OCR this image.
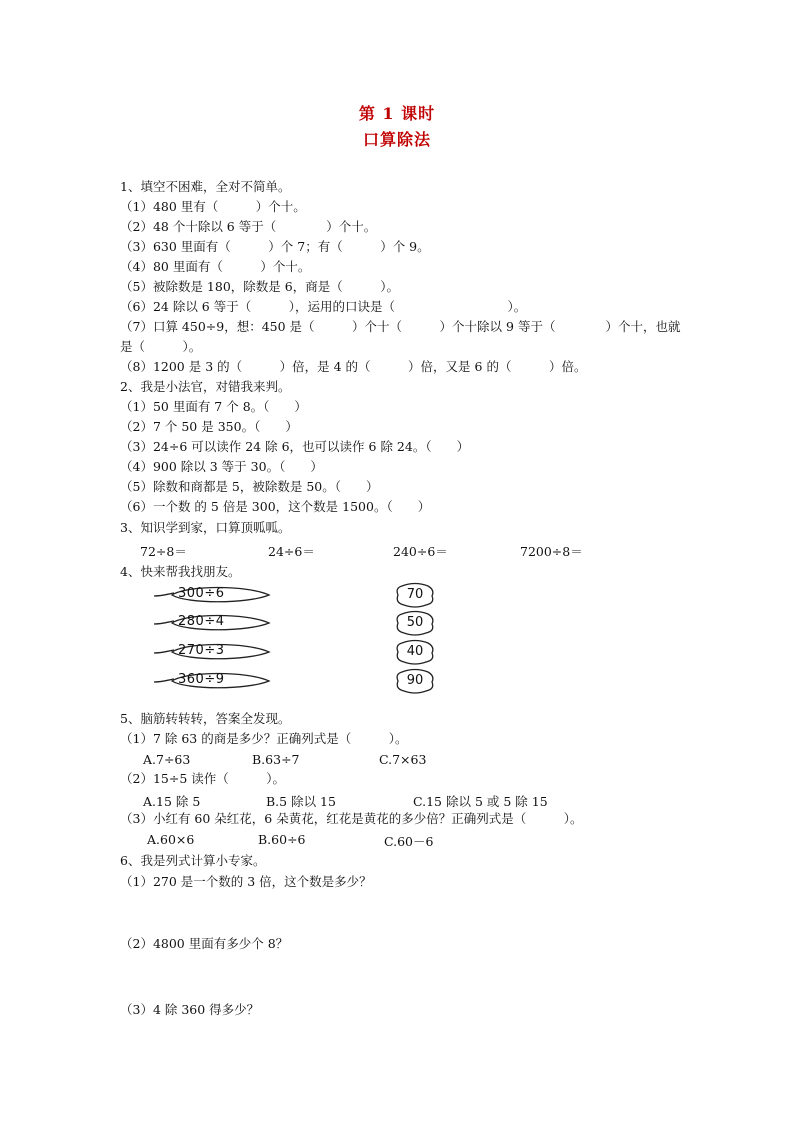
第 1 课时
口算除法
1、填空不困难，全对不简单。
（1）480 里有（　　　）个十。
（2）48 个十除以 6 等于（　　　　）个十。
（3）630 里面有（　　　）个 7；有（　　　）个 9。
（4）80 里面有（　　　）个十。
（5）被除数是 180，除数是 6，商是（　　　）。
（6）24 除以 6 等于（　　　），运用的口诀是（　　　　　　　　　）。
（7）口算 450÷9，想：450 是（　　　）个十（　　　）个十除以 9 等于（　　　　）个十，也就
是（　　　）。
（8）1200 是 3 的（　　　）倍，是 4 的（　　　）倍，又是 6 的（　　　）倍。
2、我是小法官，对错我来判。
（1）50 里面有 7 个 8。（　　）
（2）7 个 50 是 350。（　　）
（3）24÷6 可以读作 24 除 6，也可以读作 6 除 24。（　　）
（4）900 除以 3 等于 30。（　　）
（5）除数和商都是 5，被除数是 50。（　　）
（6）一个数 的 5 倍是 300，这个数是 1500。（　　）
3、知识学到家，口算顶呱呱。
72÷8＝	24÷6＝	240÷6＝	7200÷8＝
4、快来帮我找朋友。
300÷6
280÷4
270÷3
360÷9
70
50
40
90
5、脑筋转转转，答案全发现。
（1）7 除 63 的商是多少？正确列式是（　　　）。
A.7÷63	B.63÷7	C.7×63
（2）15÷5 读作（　　　）。
A.15 除 5	B.5 除以 15	C.15 除以 5 或 5 除 15
（3）小红有 60 朵红花，6 朵黄花，红花是黄花的多少倍？正确列式是（　　　）。
A.60×6	B.60÷6	C.60－6
6、我是列式计算小专家。
（1）270 是一个数的 3 倍，这个数是多少？
（2）4800 里面有多少个 8？
（3）4 除 360 得多少？
